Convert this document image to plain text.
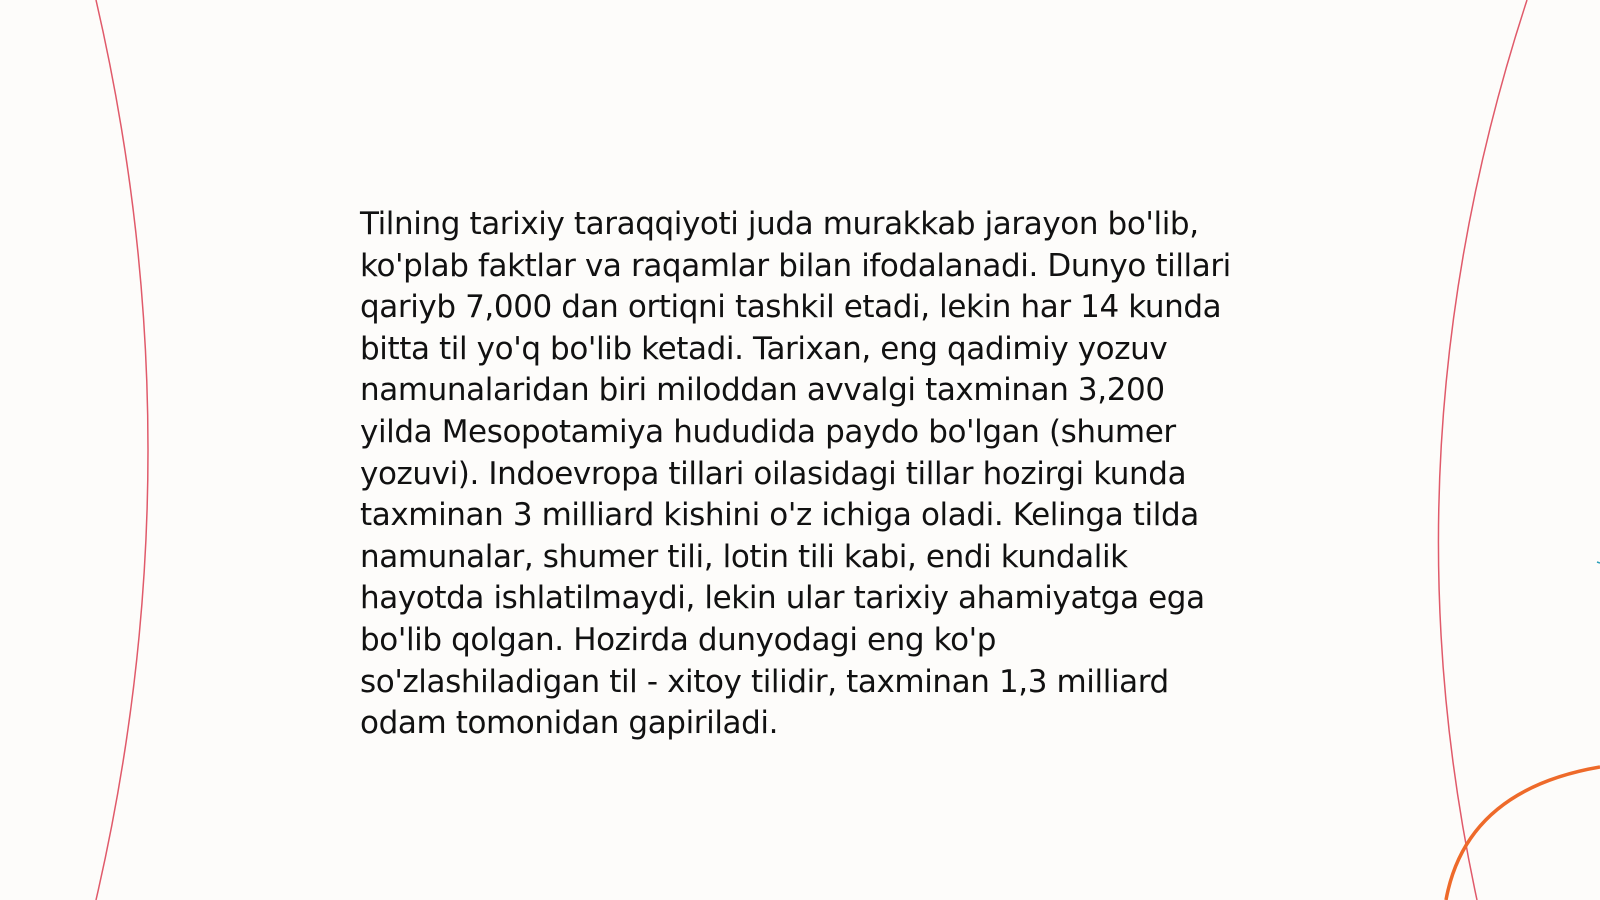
Tilning tarixiy taraqqiyoti juda murakkab jarayon bo'lib, ko'plab faktlar va raqamlar bilan ifodalanadi. Dunyo tillari qariyb 7,000 dan ortiqni tashkil etadi, lekin har 14 kunda bitta til yo'q bo'lib ketadi. Tarixan, eng qadimiy yozuv namunalaridan biri miloddan avvalgi taxminan 3,200 yilda Mesopotamiya hududida paydo bo'lgan (shumer yozuvi). Indoevropa tillari oilasidagi tillar hozirgi kunda taxminan 3 milliard kishini o'z ichiga oladi. Kelinga tilda namunalar, shumer tili, lotin tili kabi, endi kundalik hayotda ishlatilmaydi, lekin ular tarixiy ahamiyatga ega bo'lib qolgan. Hozirda dunyodagi eng ko'p so'zlashiladigan til - xitoy tilidir, taxminan 1,3 milliard odam tomonidan gapiriladi.
